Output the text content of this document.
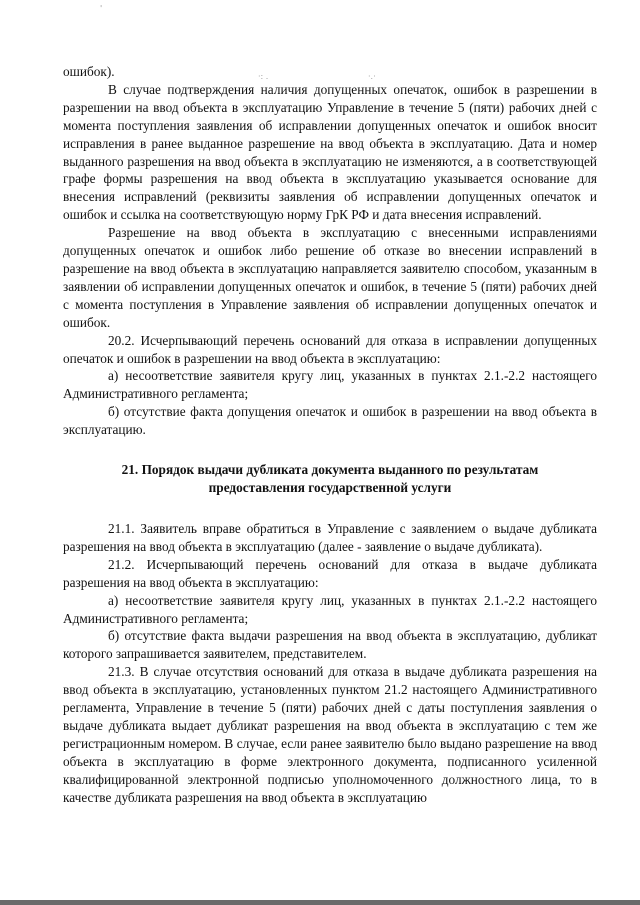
'
·: .	·.·

ошибок).

В случае подтверждения наличия допущенных опечаток, ошибок в разрешении в разрешении на ввод объекта в эксплуатацию Управление в течение 5 (пяти) рабочих дней с момента поступления заявления об исправлении допущенных опечаток и ошибок вносит исправления в ранее выданное разрешение на ввод объекта в эксплуатацию. Дата и номер выданного разрешения на ввод объекта в эксплуатацию не изменяются, а в соответствующей графе формы разрешения на ввод объекта в эксплуатацию указывается основание для внесения исправлений (реквизиты заявления об исправлении допущенных опечаток и ошибок и ссылка на соответствующую норму ГрК РФ и дата внесения исправлений.

Разрешение на ввод объекта в эксплуатацию с внесенными исправлениями допущенных опечаток и ошибок либо решение об отказе во внесении исправлений в разрешение на ввод объекта в эксплуатацию направляется заявителю способом, указанным в заявлении об исправлении допущенных опечаток и ошибок, в течение 5 (пяти) рабочих дней с момента поступления в Управление заявления об исправлении допущенных опечаток и ошибок.

20.2. Исчерпывающий перечень оснований для отказа в исправлении допущенных опечаток и ошибок в разрешении на ввод объекта в эксплуатацию:

а) несоответствие заявителя кругу лиц, указанных в пунктах 2.1.-2.2 настоящего Административного регламента;

б) отсутствие факта допущения опечаток и ошибок в разрешении на ввод объекта в эксплуатацию.

21. Порядок выдачи дубликата документа выданного по результатам
предоставления государственной услуги

21.1. Заявитель вправе обратиться в Управление с заявлением о выдаче дубликата разрешения на ввод объекта в эксплуатацию (далее - заявление о выдаче дубликата).

21.2. Исчерпывающий перечень оснований для отказа в выдаче дубликата разрешения на ввод объекта в эксплуатацию:

а) несоответствие заявителя кругу лиц, указанных в пунктах 2.1.-2.2 настоящего Административного регламента;

б) отсутствие факта выдачи разрешения на ввод объекта в эксплуатацию, дубликат которого запрашивается заявителем, представителем.

21.3. В случае отсутствия оснований для отказа в выдаче дубликата разрешения на ввод объекта в эксплуатацию, установленных пунктом 21.2 настоящего Административного регламента, Управление в течение 5 (пяти) рабочих дней с даты поступления заявления о выдаче дубликата выдает дубликат разрешения на ввод объекта в эксплуатацию с тем же регистрационным номером. В случае, если ранее заявителю было выдано разрешение на ввод объекта в эксплуатацию в форме электронного документа, подписанного усиленной квалифицированной электронной подписью уполномоченного должностного лица, то в качестве дубликата разрешения на ввод объекта в эксплуатацию
